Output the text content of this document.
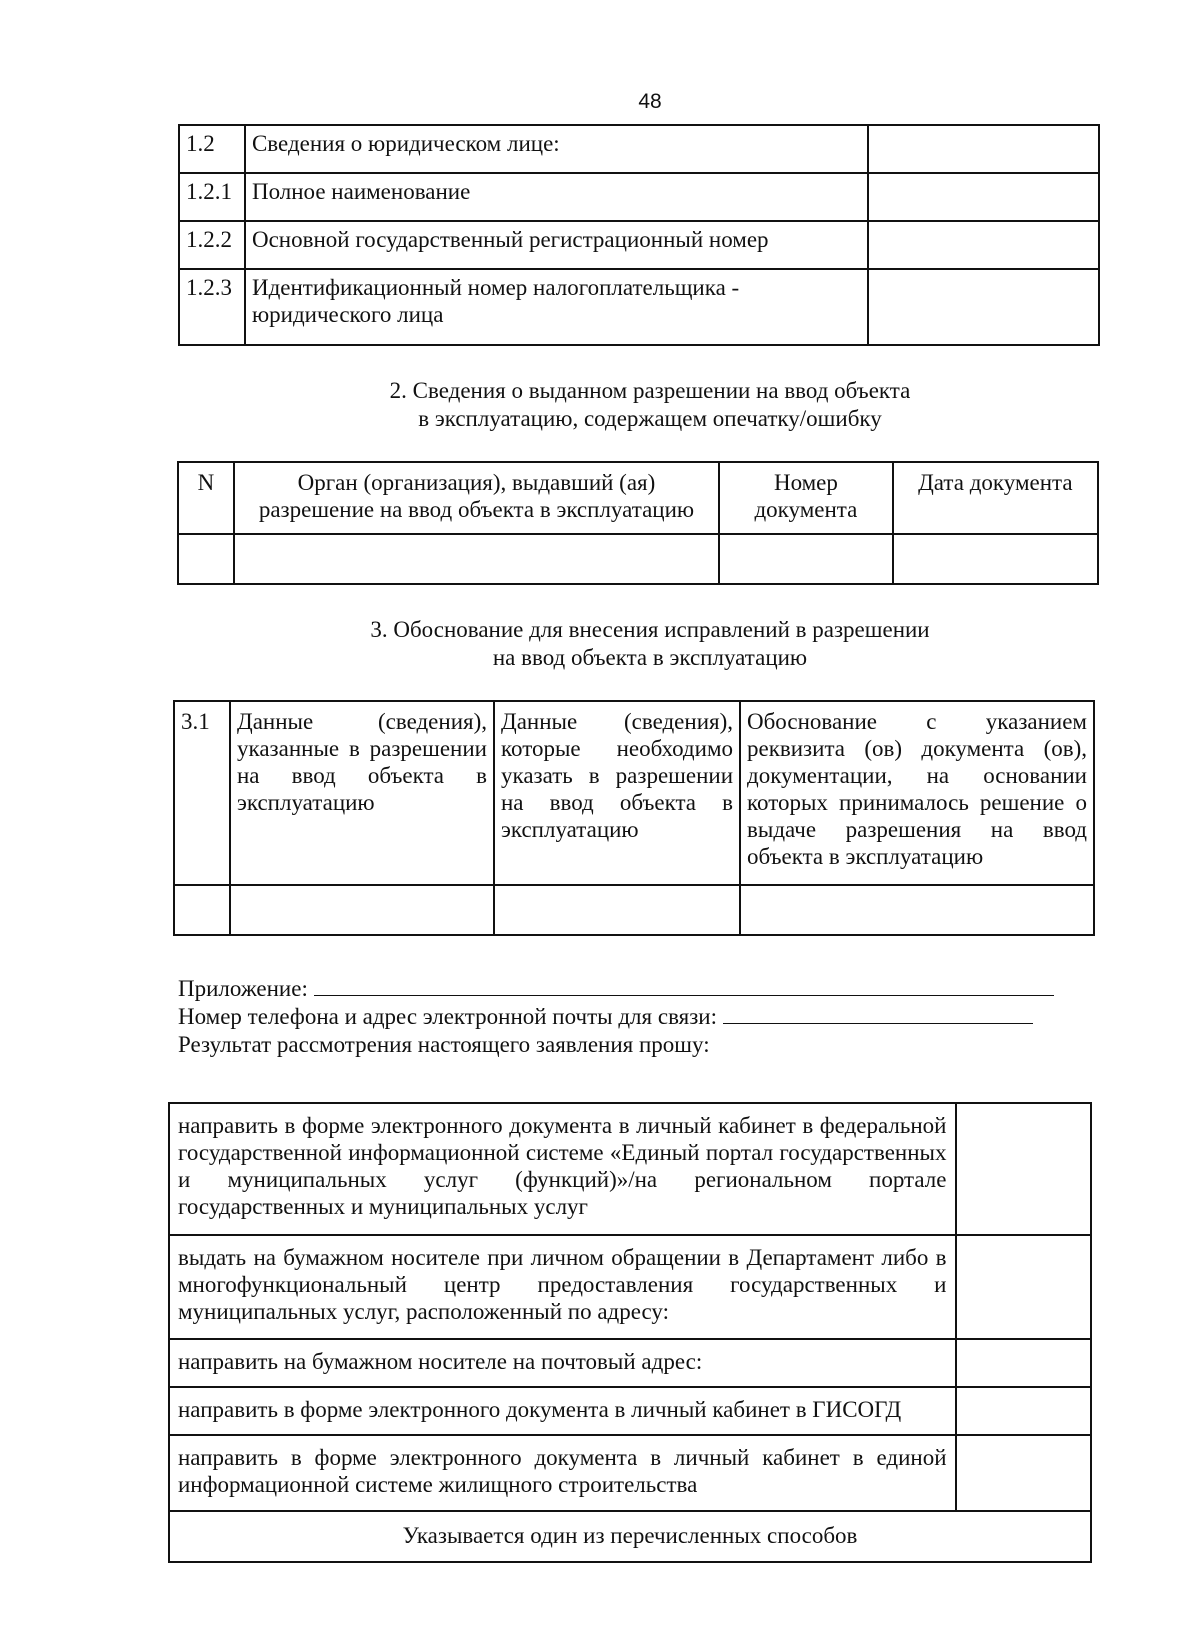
48
1.2	Сведения о юридическом лице:	
1.2.1	Полное наименование	
1.2.2	Основной государственный регистрационный номер	
1.2.3	Идентификационный номер налогоплательщика - юридического лица	
2. Сведения о выданном разрешении на ввод объекта
в эксплуатацию, содержащем опечатку/ошибку
N	Орган (организация), выдавший (ая) разрешение на ввод объекта в эксплуатацию	Номер документа	Дата документа

3. Обоснование для внесения исправлений в разрешении
на ввод объекта в эксплуатацию
3.1	Данные (сведения), указанные в разрешении на ввод объекта в эксплуатацию	Данные (сведения), которые необходимо указать в разрешении на ввод объекта в эксплуатацию	Обоснование с указанием реквизита (ов) документа (ов), документации, на основании которых принималось решение о выдаче разрешения на ввод объекта в эксплуатацию

Приложение:
Номер телефона и адрес электронной почты для связи:
Результат рассмотрения настоящего заявления прошу:
направить в форме электронного документа в личный кабинет в федеральной государственной информационной системе «Единый портал государственных и муниципальных услуг (функций)»/на региональном портале государственных и муниципальных услуг	
выдать на бумажном носителе при личном обращении в Департамент либо в многофункциональный центр предоставления государственных и муниципальных услуг, расположенный по адресу:	
направить на бумажном носителе на почтовый адрес:	
направить в форме электронного документа в личный кабинет в ГИСОГД	
направить в форме электронного документа в личный кабинет в единой информационной системе жилищного строительства	
Указывается один из перечисленных способов	
